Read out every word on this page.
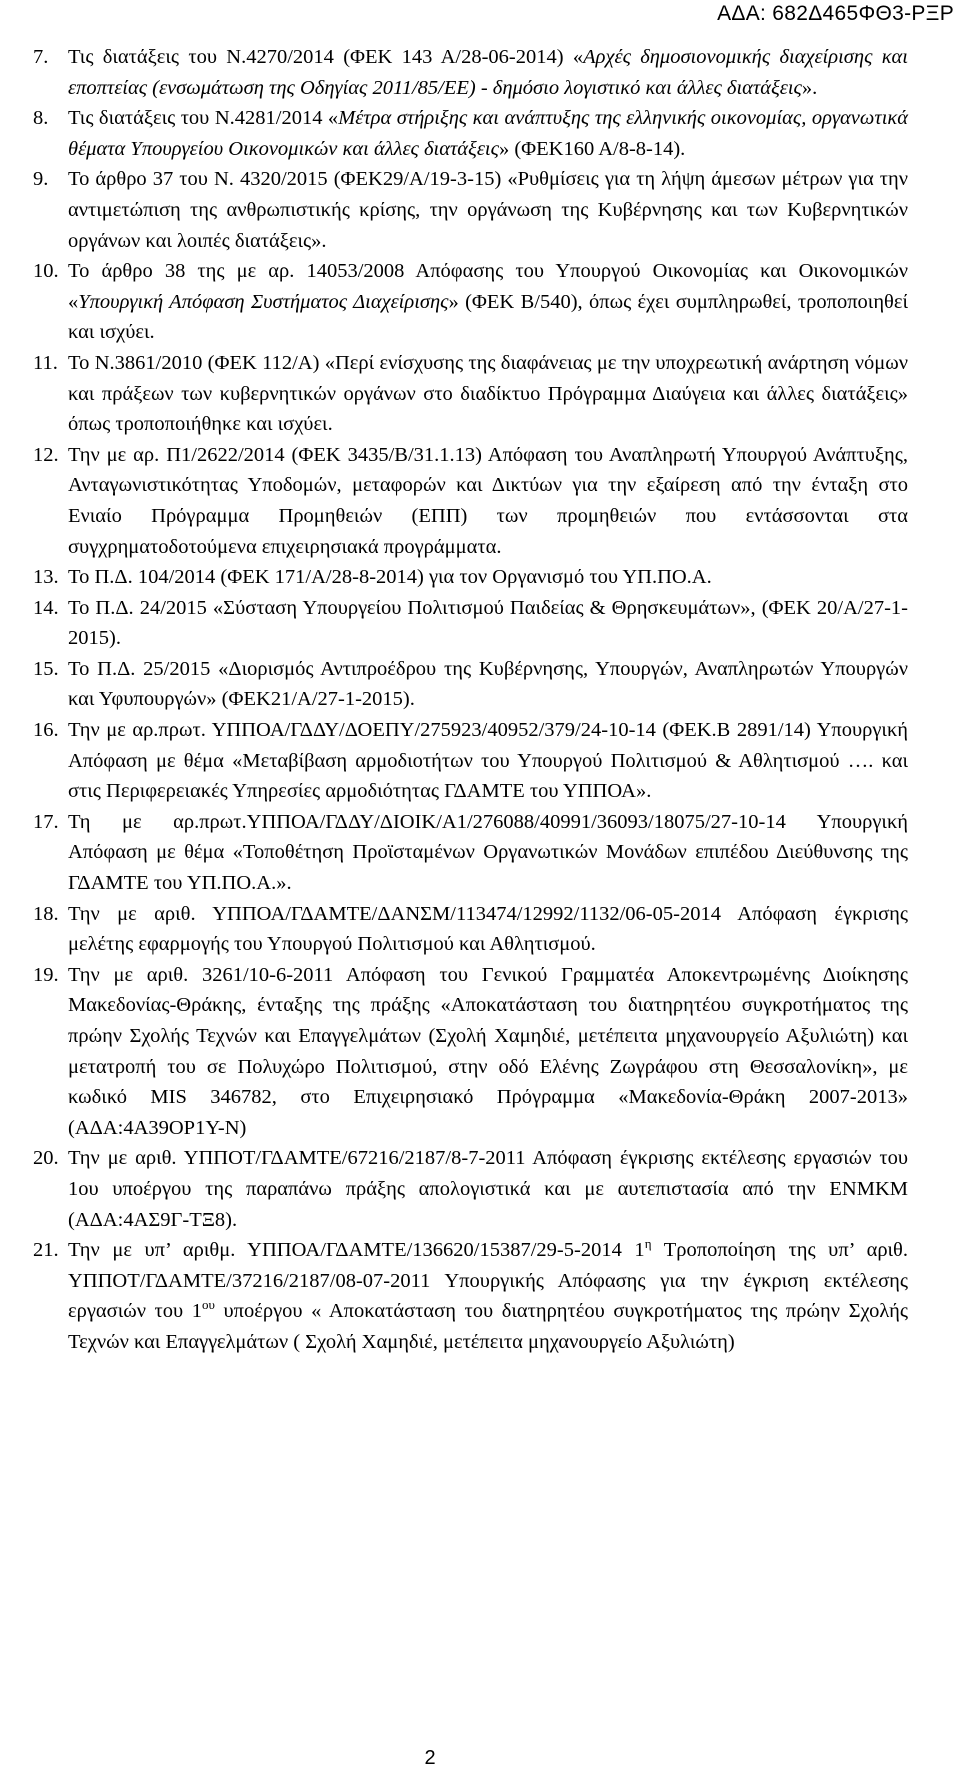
ΑΔΑ: 682Δ465ΦΘ3-ΡΞΡ
7. Τις διατάξεις του Ν.4270/2014 (ΦΕΚ 143 Α/28-06-2014) «Αρχές δημοσιονομικής διαχείρισης και εποπτείας (ενσωμάτωση της Οδηγίας 2011/85/ΕΕ) - δημόσιο λογιστικό και άλλες διατάξεις».

8. Τις διατάξεις του Ν.4281/2014 «Μέτρα στήριξης και ανάπτυξης της ελληνικής οικονομίας, οργανωτικά θέματα Υπουργείου Οικονομικών και άλλες διατάξεις» (ΦΕΚ160 Α/8-8-14).

9. Το άρθρο 37 του Ν. 4320/2015 (ΦΕΚ29/Α/19-3-15) «Ρυθμίσεις για τη λήψη άμεσων μέτρων για την αντιμετώπιση της ανθρωπιστικής κρίσης, την οργάνωση της Κυβέρνησης και των Κυβερνητικών οργάνων και λοιπές διατάξεις».

10. Το άρθρο 38 της με αρ. 14053/2008 Απόφασης του Υπουργού Οικονομίας και Οικονομικών «Υπουργική Απόφαση Συστήματος Διαχείρισης» (ΦΕΚ Β/540), όπως έχει συμπληρωθεί, τροποποιηθεί και ισχύει.

11. Το Ν.3861/2010 (ΦΕΚ 112/Α) «Περί ενίσχυσης της διαφάνειας με την υποχρεωτική ανάρτηση νόμων και πράξεων των κυβερνητικών οργάνων στο διαδίκτυο Πρόγραμμα Διαύγεια και άλλες διατάξεις» όπως τροποποιήθηκε και ισχύει.

12. Την με αρ. Π1/2622/2014 (ΦΕΚ 3435/Β/31.1.13) Απόφαση του Αναπληρωτή Υπουργού Ανάπτυξης, Ανταγωνιστικότητας Υποδομών, μεταφορών και Δικτύων για την εξαίρεση από την ένταξη στο Ενιαίο Πρόγραμμα Προμηθειών (ΕΠΠ) των προμηθειών που εντάσσονται στα συγχρηματοδοτούμενα επιχειρησιακά προγράμματα.

13. Το Π.Δ. 104/2014 (ΦΕΚ 171/Α/28-8-2014) για τον Οργανισμό του ΥΠ.ΠΟ.Α.

14. Το Π.Δ. 24/2015 «Σύσταση Υπουργείου Πολιτισμού Παιδείας & Θρησκευμάτων», (ΦΕΚ 20/Α/27-1-2015).

15. Το Π.Δ. 25/2015 «Διορισμός Αντιπροέδρου της Κυβέρνησης, Υπουργών, Αναπληρωτών Υπουργών και Υφυπουργών» (ΦΕΚ21/Α/27-1-2015).

16. Την με αρ.πρωτ. ΥΠΠΟΑ/ΓΔΔΥ/ΔΟΕΠΥ/275923/40952/379/24-10-14 (ΦΕΚ.Β 2891/14) Υπουργική Απόφαση με θέμα «Μεταβίβαση αρμοδιοτήτων του Υπουργού Πολιτισμού & Αθλητισμού …. και στις Περιφερειακές Υπηρεσίες αρμοδιότητας ΓΔΑΜΤΕ του ΥΠΠΟΑ».

17. Τη με αρ.πρωτ.ΥΠΠΟΑ/ΓΔΔΥ/ΔΙΟΙΚ/Α1/276088/40991/36093/18075/27-10-14 Υπουργική Απόφαση με θέμα «Τοποθέτηση Προϊσταμένων Οργανωτικών Μονάδων επιπέδου Διεύθυνσης της ΓΔΑΜΤΕ του ΥΠ.ΠΟ.Α.».

18. Την με αριθ. ΥΠΠΟΑ/ΓΔΑΜΤΕ/ΔΑΝΣΜ/113474/12992/1132/06-05-2014 Απόφαση έγκρισης μελέτης εφαρμογής του Υπουργού Πολιτισμού και Αθλητισμού.

19. Την με αριθ. 3261/10-6-2011 Απόφαση του Γενικού Γραμματέα Αποκεντρωμένης Διοίκησης Μακεδονίας-Θράκης, ένταξης της πράξης «Αποκατάσταση του διατηρητέου συγκροτήματος της πρώην Σχολής Τεχνών και Επαγγελμάτων (Σχολή Χαμηδιέ, μετέπειτα μηχανουργείο Αξυλιώτη) και μετατροπή του σε Πολυχώρο Πολιτισμού, στην οδό Ελένης Ζωγράφου στη Θεσσαλονίκη», με κωδικό MIS 346782, στο Επιχειρησιακό Πρόγραμμα «Μακεδονία-Θράκη 2007-2013» (ΑΔΑ:4Α39ΟΡ1Υ-Ν)

20. Την με αριθ. ΥΠΠΟΤ/ΓΔΑΜΤΕ/67216/2187/8-7-2011 Απόφαση έγκρισης εκτέλεσης εργασιών του 1ου υποέργου της παραπάνω πράξης απολογιστικά και με αυτεπιστασία από την ΕΝΜΚΜ (ΑΔΑ:4ΑΣ9Γ-ΤΞ8).

21. Την με υπ’ αριθμ. ΥΠΠΟΑ/ΓΔΑΜΤΕ/136620/15387/29-5-2014 $1^\eta$ Τροποποίηση της υπ’ αριθ. ΥΠΠΟΤ/ΓΔΑΜΤΕ/37216/2187/08-07-2011 Υπουργικής Απόφασης για την έγκριση εκτέλεσης εργασιών του $1^{o\upsilon}$ υποέργου « Αποκατάσταση του διατηρητέου συγκροτήματος της πρώην Σχολής Τεχνών και Επαγγελμάτων ( Σχολή Χαμηδιέ, μετέπειτα μηχανουργείο Αξυλιώτη)

2
